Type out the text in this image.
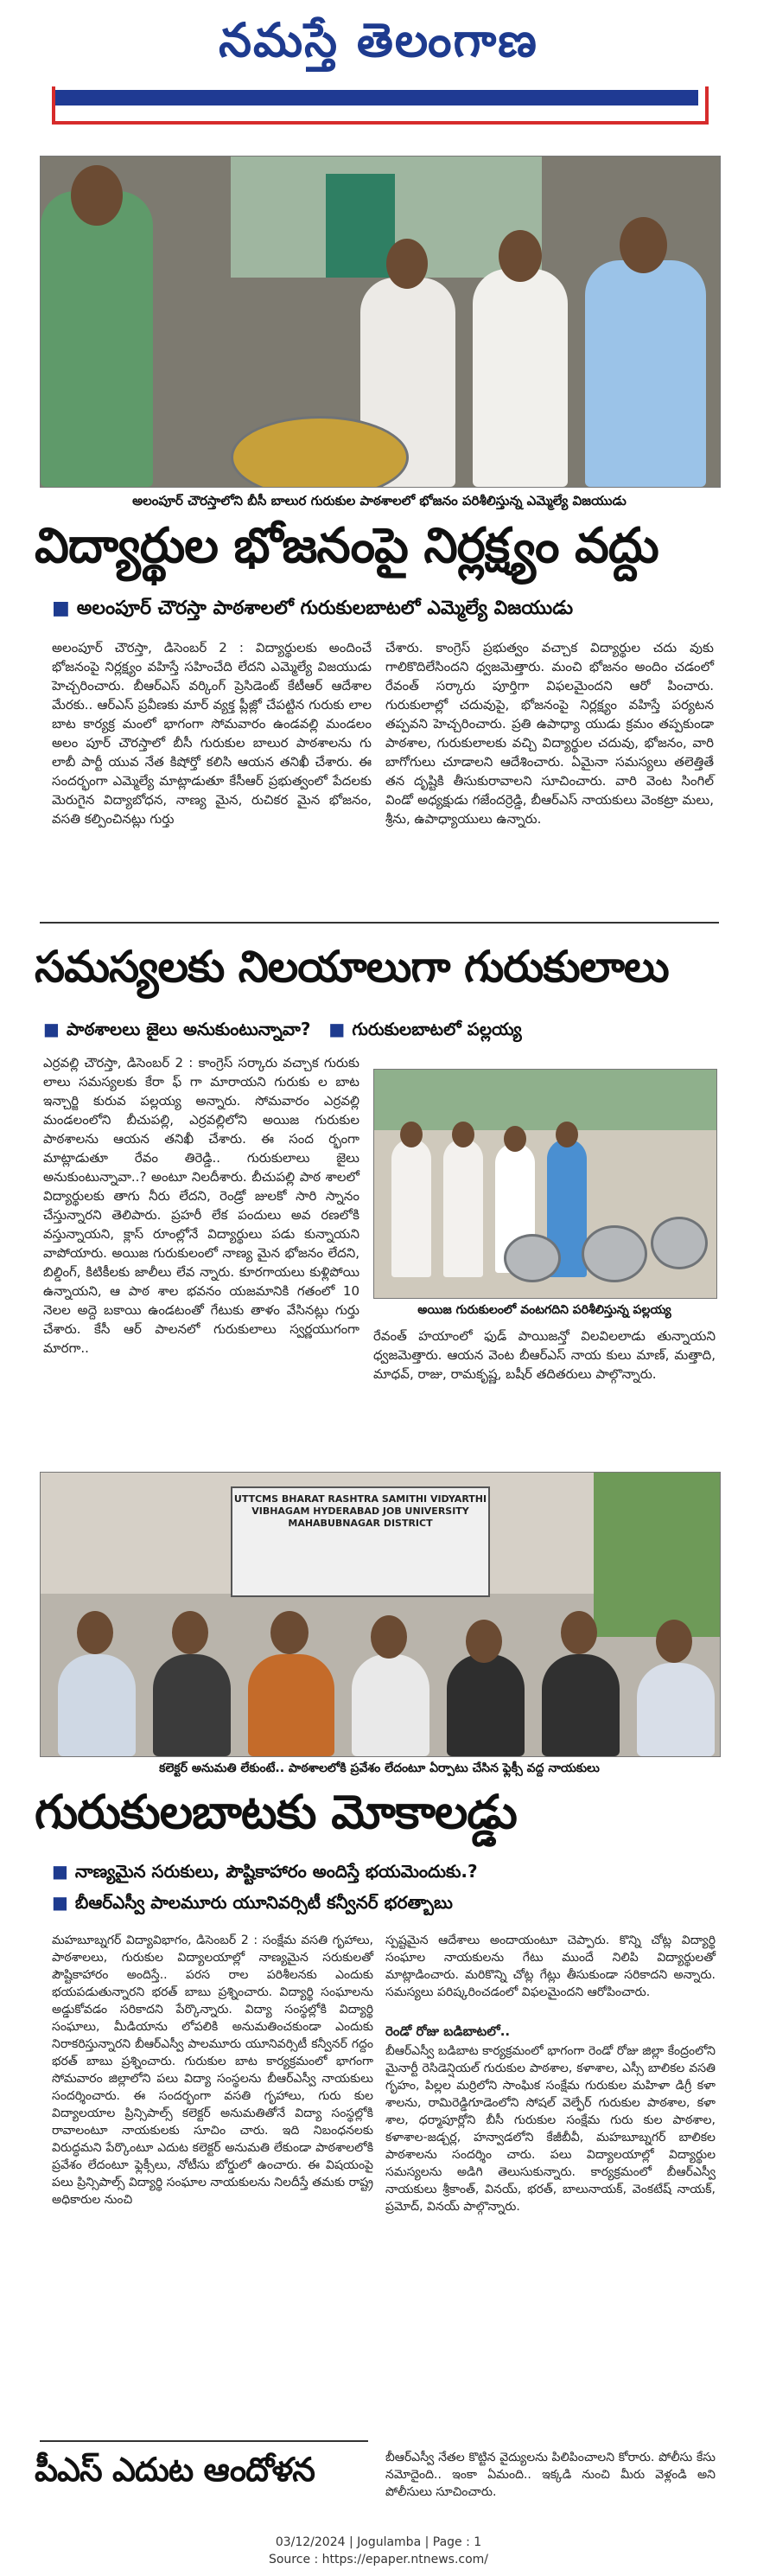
నమస్తే తెలంగాణ
అలంపూర్ చౌరస్తాలోని బీసీ బాలుర గురుకుల పాఠశాలలో భోజనం పరిశీలిస్తున్న ఎమ్మెల్యే విజయుడు
విద్యార్థుల భోజనంపై నిర్లక్ష్యం వద్దు
■ అలంపూర్ చౌరస్తా పాఠశాలలో గురుకులబాటలో ఎమ్మెల్యే విజయుడు
అలంపూర్ చౌరస్తా, డిసెంబర్ 2 : విద్యార్థులకు అందించే భోజనంపై నిర్లక్ష్యం వహిస్తే సహించేది లేదని ఎమ్మెల్యే విజయుడు హెచ్చరించారు. బీఆర్ఎస్ వర్కింగ్ ప్రెసిడెంట్ కేటీఆర్ ఆదేశాల మేరకు.. ఆర్ఎస్ ప్రవీణకు మార్ వ్యక్త ప్లీజ్లో చేపట్టిన గురుకు లాల బాట కార్యక్ర మంలో భాగంగా సోమవారం ఉండవల్లి మండలం అలం పూర్ చౌరస్తాలో బీసీ గురుకుల బాలుర పాఠశాలను గు లాబీ పార్టీ యువ నేత కిషోర్తో కలిసి ఆయన తనిఖీ చేశారు. ఈ సందర్భంగా ఎమ్మెల్యే మాట్లాడుతూ కేసీఆర్ ప్రభుత్వంలో పేదలకు మెరుగైన విద్యాబోధన, నాణ్య మైన, రుచికర మైన భోజనం, వసతి కల్పించినట్లు గుర్తు
చేశారు. కాంగ్రెస్ ప్రభుత్వం వచ్చాక విద్యార్థుల చదు వుకు గాలికొదిలేసిందని ధ్వజమెత్తారు. మంచి భోజనం అందిం చడంలో రేవంత్ సర్కారు పూర్తిగా విఫలమైందని ఆరో పించారు. గురుకులాల్లో చదువుపై, భోజనంపై నిర్లక్ష్యం వహిస్తే పర్యటన తప్పవని హెచ్చరించారు. ప్రతి ఉపాధ్యా యుడు క్రమం తప్పకుండా పాఠశాల, గురుకులాలకు వచ్చి విద్యార్థుల చదువు, భోజనం, వారి బాగోగులు చూడాలని ఆదేశించారు. ఏమైనా సమస్యలు తలెత్తితే తన దృష్టికి తీసుకురావాలని సూచించారు. వారి వెంట సింగిల్ విండో అధ్యక్షుడు గజేందర్రెడ్డి, బీఆర్ఎస్ నాయకులు వెంకట్రా మలు, శ్రీను, ఉపాధ్యాయులు ఉన్నారు.
సమస్యలకు నిలయాలుగా గురుకులాలు
■ పాఠశాలలు జైలు అనుకుంటున్నావా? ■ గురుకులబాటలో పల్లయ్య
ఎర్రవల్లి చౌరస్తా, డిసెంబర్ 2 : కాంగ్రెస్ సర్కారు వచ్చాక గురుకు లాలు సమస్యలకు కేరా ఫ్ గా మారాయని గురుకు ల బాట ఇన్చార్జి కురువ పల్లయ్య అన్నారు. సోమవారం ఎర్రవల్లి మండలంలోని బీచుపల్లి, ఎర్రవల్లిలోని అయిజ గురుకుల పాఠశాలను ఆయన తనిఖీ చేశారు. ఈ సంద ర్భంగా మాట్లాడుతూ రేవం తిరెడ్డి.. గురుకులాలు జైలు అనుకుంటున్నావా..? అంటూ నిలదీశారు. బీచుపల్లి పాఠ శాలలో విద్యార్థులకు తాగు నీరు లేదని, రెండ్రో జులకో సారి స్నానం చేస్తున్నారని తెలిపారు. ప్రహరీ లేక పందులు అవ రణలోకి వస్తున్నాయని, క్లాస్ రూంల్లోనే విద్యార్థులు పడు కున్నాయని వాపోయారు. అయిజ గురుకులంలో నాణ్య మైన భోజనం లేదని, బిల్డింగ్, కిటికీలకు జాలీలు లేవ న్నారు. కూరగాయలు కుళ్లిపోయి ఉన్నాయని, ఆ పాఠ శాల భవనం యజమానికి గతంలో 10 నెలల అద్దె బకాయి ఉండటంతో గేటుకు తాళం వేసినట్లు గుర్తు చేశారు. కేసీ ఆర్ పాలనలో గురుకులాలు స్వర్ణయుగంగా మారగా..
అయిజ గురుకులంలో వంటగదిని పరిశీలిస్తున్న పల్లయ్య
రేవంత్ హయాంలో ఫుడ్ పాయిజన్తో విలవిలలాడు తున్నాయని ధ్వజమెత్తారు. ఆయన వెంట బీఆర్ఎస్ నాయ కులు మాణ్, మత్తాది, మాధవ్, రాజు, రామకృష్ణ, బషీర్ తదితరులు పాల్గొన్నారు.
UTTCMS BHARAT RASHTRA SAMITHI VIDYARTHI VIBHAGAM HYDERABAD JOB UNIVERSITY MAHABUBNAGAR DISTRICT
కలెక్టర్ అనుమతి లేకుంటే.. పాఠశాలలోకి ప్రవేశం లేదంటూ ఏర్పాటు చేసిన ఫ్లెక్సీ వద్ద నాయకులు
గురుకులబాటకు మోకాలడ్డు
■ నాణ్యమైన సరుకులు, పౌష్టికాహారం అందిస్తే భయమెందుకు.?
■ బీఆర్ఎస్వీ పాలమూరు యూనివర్సిటీ కన్వీనర్ భరత్బాబు
మహబూబ్నగర్ విద్యావిభాగం, డిసెంబర్ 2 : సంక్షేమ వసతి గృహాలు, పాఠశాలలు, గురుకుల విద్యాలయాల్లో నాణ్యమైన సరుకులతో పౌష్టికాహారం అందిస్తే.. పరస రాల పరిశీలనకు ఎందుకు భయపడుతున్నారని భరత్ బాబు ప్రశ్నించారు. విద్యార్థి సంఘాలను అడ్డుకోవడం సరికాదని పేర్కొన్నారు. విద్యా సంస్థల్లోకి విద్యార్థి సంఘాలు, మీడియాను లోపలికి అనుమతించకుండా ఎందుకు నిరాకరిస్తున్నారని బీఆర్ఎస్వీ పాలమూరు యూనివర్సిటీ కన్వీనర్ గద్దం భరత్ బాబు ప్రశ్నించారు. గురుకుల బాట కార్యక్రమంలో భాగంగా సోమవారం జిల్లాలోని పలు విద్యా సంస్థలను బీఆర్ఎస్వీ నాయకులు సందర్శించారు. ఈ సందర్భంగా వసతి గృహాలు, గురు కుల విద్యాలయాల ప్రిన్సిపాల్స్ కలెక్టర్ అనుమతితోనే విద్యా సంస్థల్లోకి రావాలంటూ నాయకులకు సూచిం చారు. ఇది నిబంధనలకు విరుద్ధమని పేర్కొంటూ ఎదుట కలెక్టర్ అనుమతి లేకుండా పాఠశాలలోకి ప్రవేశం లేదంటూ ఫ్లెక్సీలు, నోటీసు బోర్డులో ఉంచారు. ఈ విషయంపై పలు ప్రిన్సిపాల్స్ విద్యార్థి సంఘాల నాయకులను నిలదీస్తే తమకు రాష్ట్ర అధికారుల నుంచి
స్పష్టమైన ఆదేశాలు అందాయంటూ చెప్పారు. కొన్ని చోట్ల విద్యార్థి సంఘాల నాయకులను గేటు ముందే నిలిపి విద్యార్థులతో మాట్లాడించారు. మరికొన్ని చోట్ల గేట్లు తీసుకుండా సరికాదని అన్నారు. సమస్యలు పరిష్కరించడంలో విఫలమైందని ఆరోపించారు.
రెండో రోజు బడిబాటలో..
బీఆర్ఎస్వీ బడిబాట కార్యక్రమంలో భాగంగా రెండో రోజు జిల్లా కేంద్రంలోని మైనార్టీ రెసిడెన్షియల్ గురుకుల పాఠశాల, కళాశాల, ఎస్సీ బాలికల వసతి గృహం, పిల్లల మర్రిలోని సాంఘిక సంక్షేమ గురుకుల మహిళా డిగ్రీ కళా శాలను, రామిరెడ్డిగూడెంలోని సోషల్ వెల్ఫేర్ గురుకుల పాఠశాల, కళా శాల, ధర్మాపూర్లోని బీసీ గురుకుల సంక్షేమ గురు కుల పాఠశాల, కళాశాల-జడ్చర్ల, హన్వాడలోని కేజీబీవీ, మహబూబ్నగర్ బాలికల పాఠశాలను సందర్శిం చారు. పలు విద్యాలయాల్లో విద్యార్థుల సమస్యలను అడిగి తెలుసుకున్నారు. కార్యక్రమంలో బీఆర్ఎస్వీ నాయకులు శ్రీకాంత్, వినయ్, భరత్, బాలునాయక్, వెంకటేష్ నాయక్, ప్రమోద్, వినయ్ పాల్గొన్నారు.
పీఎస్ ఎదుట ఆందోళన	బీఆర్ఎస్వీ నేతల కొట్టిన వైద్యులను పిలిపించాలని కోరారు. పోలీసు కేసు నమోదైంది.. ఇంకా ఏమంది.. ఇక్కడి నుంచి మీరు వెళ్లండి అని పోలీసులు సూచించారు.
03/12/2024 | Jogulamba | Page : 1
Source : https://epaper.ntnews.com/
